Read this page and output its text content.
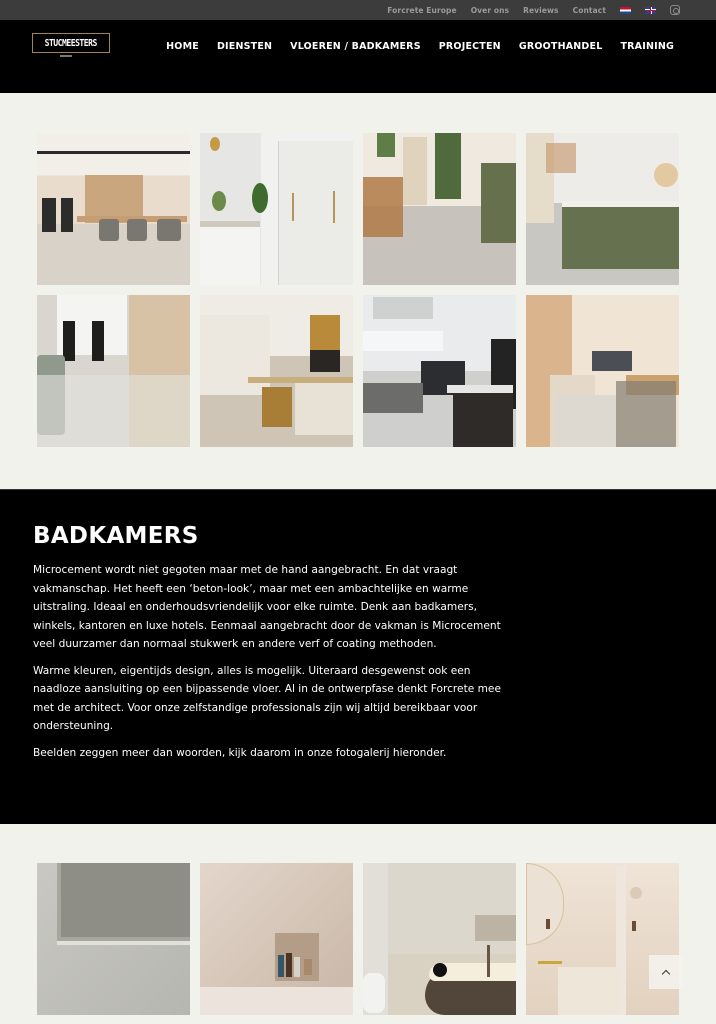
Forcrete Europe Over ons Reviews Contact
STUCMEESTERS	HOME DIENSTEN VLOEREN / BADKAMERS PROJECTEN GROOTHANDEL TRAINING
BADKAMERS

Microcement wordt niet gegoten maar met de hand aangebracht. En dat vraagt vakmanschap. Het heeft een ‘beton-look’, maar met een ambachtelijke en warme uitstraling. Ideaal en onderhoudsvriendelijk voor elke ruimte. Denk aan badkamers, winkels, kantoren en luxe hotels. Eenmaal aangebracht door de vakman is Microcement veel duurzamer dan normaal stukwerk en andere verf of coating methoden.

Warme kleuren, eigentijds design, alles is mogelijk. Uiteraard desgewenst ook een naadloze aansluiting op een bijpassende vloer. Al in de ontwerpfase denkt Forcrete mee met de architect. Voor onze zelfstandige professionals zijn wij altijd bereikbaar voor ondersteuning.

Beelden zeggen meer dan woorden, kijk daarom in onze fotogalerij hieronder.
